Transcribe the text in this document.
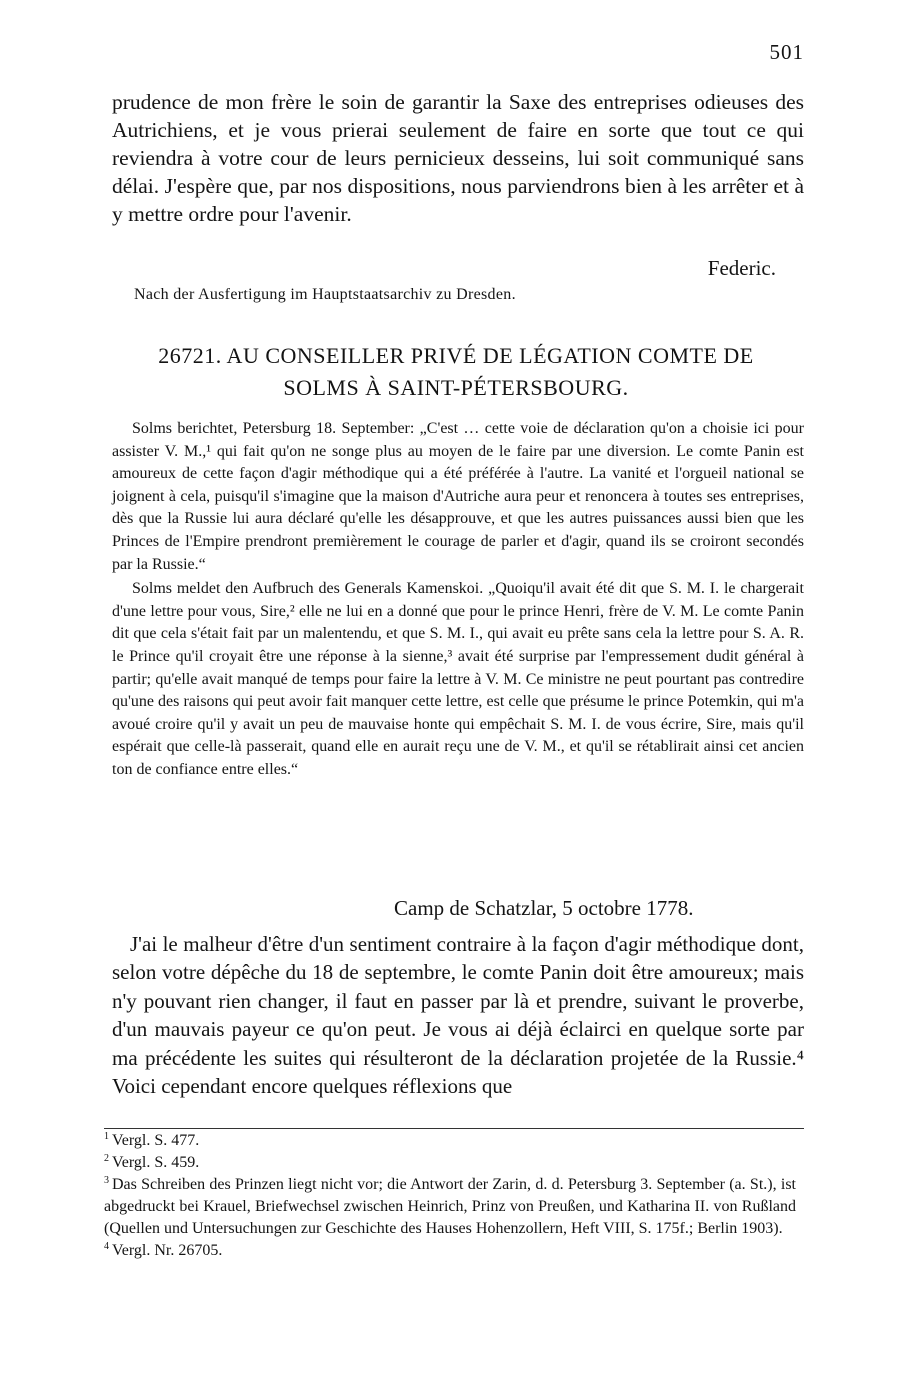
501

prudence de mon frère le soin de garantir la Saxe des entreprises odieuses des Autrichiens, et je vous prierai seulement de faire en sorte que tout ce qui reviendra à votre cour de leurs pernicieux desseins, lui soit communiqué sans délai. J'espère que, par nos dispositions, nous parviendrons bien à les arrêter et à y mettre ordre pour l'avenir.

Federic.
Nach der Ausfertigung im Hauptstaatsarchiv zu Dresden.
26721. AU CONSEILLER PRIVÉ DE LÉGATION COMTE DE
SOLMS À SAINT-PÉTERSBOURG.

Solms berichtet, Petersburg 18. September: „C'est … cette voie de déclaration qu'on a choisie ici pour assister V. M.,¹ qui fait qu'on ne songe plus au moyen de le faire par une diversion. Le comte Panin est amoureux de cette façon d'agir méthodique qui a été préférée à l'autre. La vanité et l'orgueil national se joignent à cela, puisqu'il s'imagine que la maison d'Autriche aura peur et renoncera à toutes ses entreprises, dès que la Russie lui aura déclaré qu'elle les désapprouve, et que les autres puissances aussi bien que les Princes de l'Empire prendront premièrement le courage de parler et d'agir, quand ils se croiront secondés par la Russie.“

Solms meldet den Aufbruch des Generals Kamenskoi. „Quoiqu'il avait été dit que S. M. I. le chargerait d'une lettre pour vous, Sire,² elle ne lui en a donné que pour le prince Henri, frère de V. M. Le comte Panin dit que cela s'était fait par un malentendu, et que S. M. I., qui avait eu prête sans cela la lettre pour S. A. R. le Prince qu'il croyait être une réponse à la sienne,³ avait été surprise par l'empressement dudit général à partir; qu'elle avait manqué de temps pour faire la lettre à V. M. Ce ministre ne peut pourtant pas contredire qu'une des raisons qui peut avoir fait manquer cette lettre, est celle que présume le prince Potemkin, qui m'a avoué croire qu'il y avait un peu de mauvaise honte qui empêchait S. M. I. de vous écrire, Sire, mais qu'il espérait que celle-là passerait, quand elle en aurait reçu une de V. M., et qu'il se rétablirait ainsi cet ancien ton de confiance entre elles.“

Camp de Schatzlar, 5 octobre 1778.

J'ai le malheur d'être d'un sentiment contraire à la façon d'agir méthodique dont, selon votre dépêche du 18 de septembre, le comte Panin doit être amoureux; mais n'y pouvant rien changer, il faut en passer par là et prendre, suivant le proverbe, d'un mauvais payeur ce qu'on peut. Je vous ai déjà éclairci en quelque sorte par ma précédente les suites qui résulteront de la déclaration projetée de la Russie.⁴ Voici cependant encore quelques réflexions que

$^1$ Vergl. S. 477.

$^2$ Vergl. S. 459.

$^3$ Das Schreiben des Prinzen liegt nicht vor; die Antwort der Zarin, d. d. Petersburg 3. September (a. St.), ist abgedruckt bei Krauel, Briefwechsel zwischen Heinrich, Prinz von Preußen, und Katharina II. von Rußland (Quellen und Untersuchungen zur Geschichte des Hauses Hohenzollern, Heft VIII, S. 175f.; Berlin 1903).

$^4$ Vergl. Nr. 26705.
